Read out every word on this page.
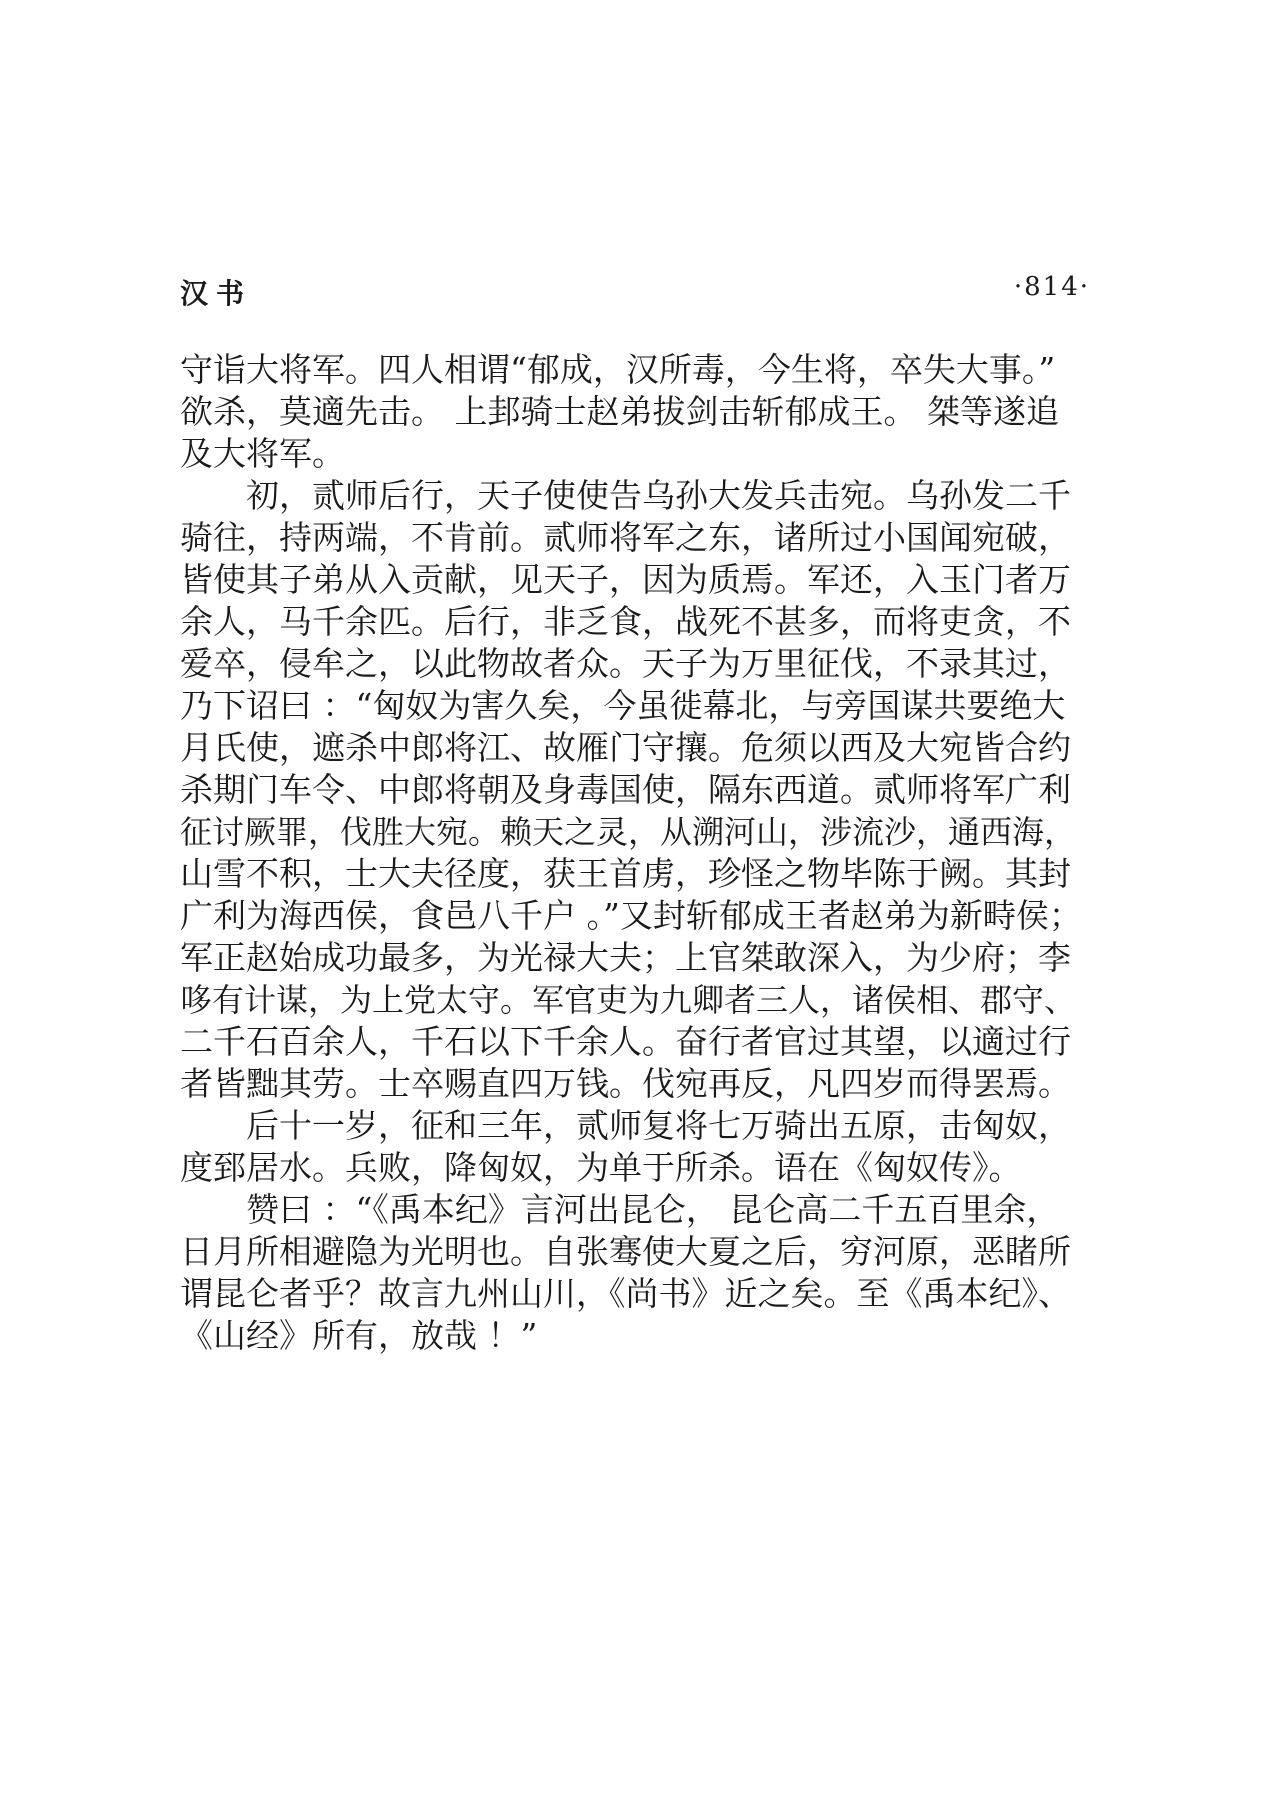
汉书	·814·
守诣大将军。四人相谓“郁成，汉所毒，今生将，卒失大事。”
欲杀，莫適先击。 上邽骑士赵弟拔剑击斩郁成王。 桀等遂追
及大将军。
初，贰师后行，天子使使告乌孙大发兵击宛。乌孙发二千
骑往，持两端，不肯前。贰师将军之东，诸所过小国闻宛破，
皆使其子弟从入贡献，见天子，因为质焉。军还，入玉门者万
余人，马千余匹。后行，非乏食，战死不甚多，而将吏贪，不
爱卒，侵牟之，以此物故者众。天子为万里征伐，不录其过，
乃下诏曰 ：“匈奴为害久矣，今虽徙幕北，与旁国谋共要绝大
月氏使，遮杀中郎将江、故雁门守攘。危须以西及大宛皆合约
杀期门车令、中郎将朝及身毒国使，隔东西道。贰师将军广利
征讨厥罪，伐胜大宛。赖天之灵，从溯河山，涉流沙，通西海，
山雪不积，士大夫径度，获王首虏，珍怪之物毕陈于阙。其封
广利为海西侯，食邑八千户 。”又封斩郁成王者赵弟为新畤侯；
军正赵始成功最多，为光禄大夫；上官桀敢深入，为少府；李
哆有计谋，为上党太守。军官吏为九卿者三人，诸侯相、郡守、
二千石百余人，千石以下千余人。奋行者官过其望，以適过行
者皆黜其劳。士卒赐直四万钱。伐宛再反，凡四岁而得罢焉。
后十一岁，征和三年，贰师复将七万骑出五原，击匈奴，
度郅居水。兵败，降匈奴，为单于所杀。语在《匈奴传》。
赞曰 ：“《禹本纪》言河出昆仑， 昆仑高二千五百里余，
日月所相避隐为光明也。自张骞使大夏之后，穷河原，恶睹所
谓昆仑者乎？故言九州山川，《尚书》近之矣。至《禹本纪》、
《山经》所有，放哉 ！”
